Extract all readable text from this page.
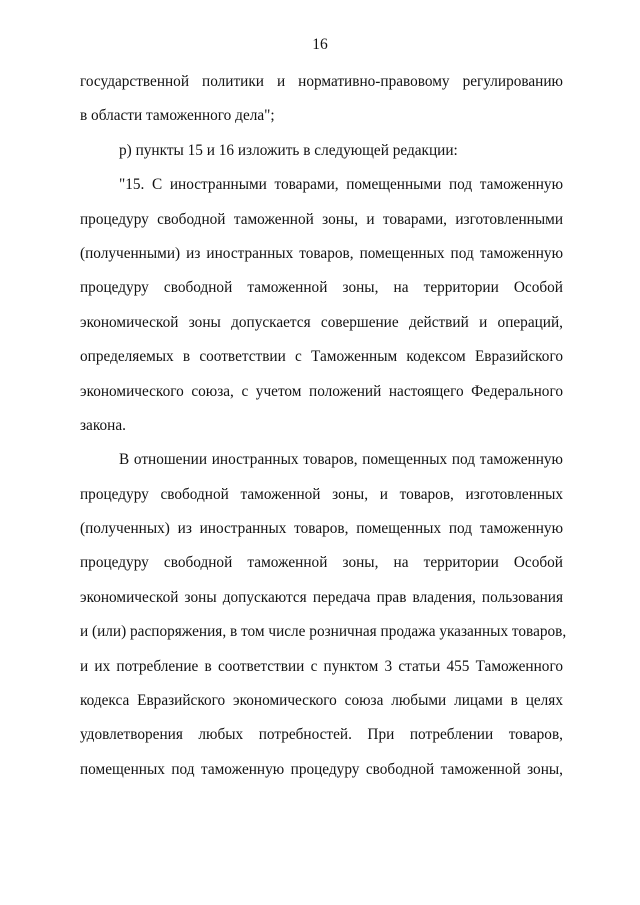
16
государственной политики и нормативно-правовому регулированию
в области таможенного дела";
р) пункты 15 и 16 изложить в следующей редакции:
"15. С иностранными товарами, помещенными под таможенную
процедуру свободной таможенной зоны, и товарами, изготовленными
(полученными) из иностранных товаров, помещенных под таможенную
процедуру свободной таможенной зоны, на территории Особой
экономической зоны допускается совершение действий и операций,
определяемых в соответствии с Таможенным кодексом Евразийского
экономического союза, с учетом положений настоящего Федерального
закона.
В отношении иностранных товаров, помещенных под таможенную
процедуру свободной таможенной зоны, и товаров, изготовленных
(полученных) из иностранных товаров, помещенных под таможенную
процедуру свободной таможенной зоны, на территории Особой
экономической зоны допускаются передача прав владения, пользования
и (или) распоряжения, в том числе розничная продажа указанных товаров,
и их потребление в соответствии с пунктом 3 статьи 455 Таможенного
кодекса Евразийского экономического союза любыми лицами в целях
удовлетворения любых потребностей. При потреблении товаров,
помещенных под таможенную процедуру свободной таможенной зоны,
